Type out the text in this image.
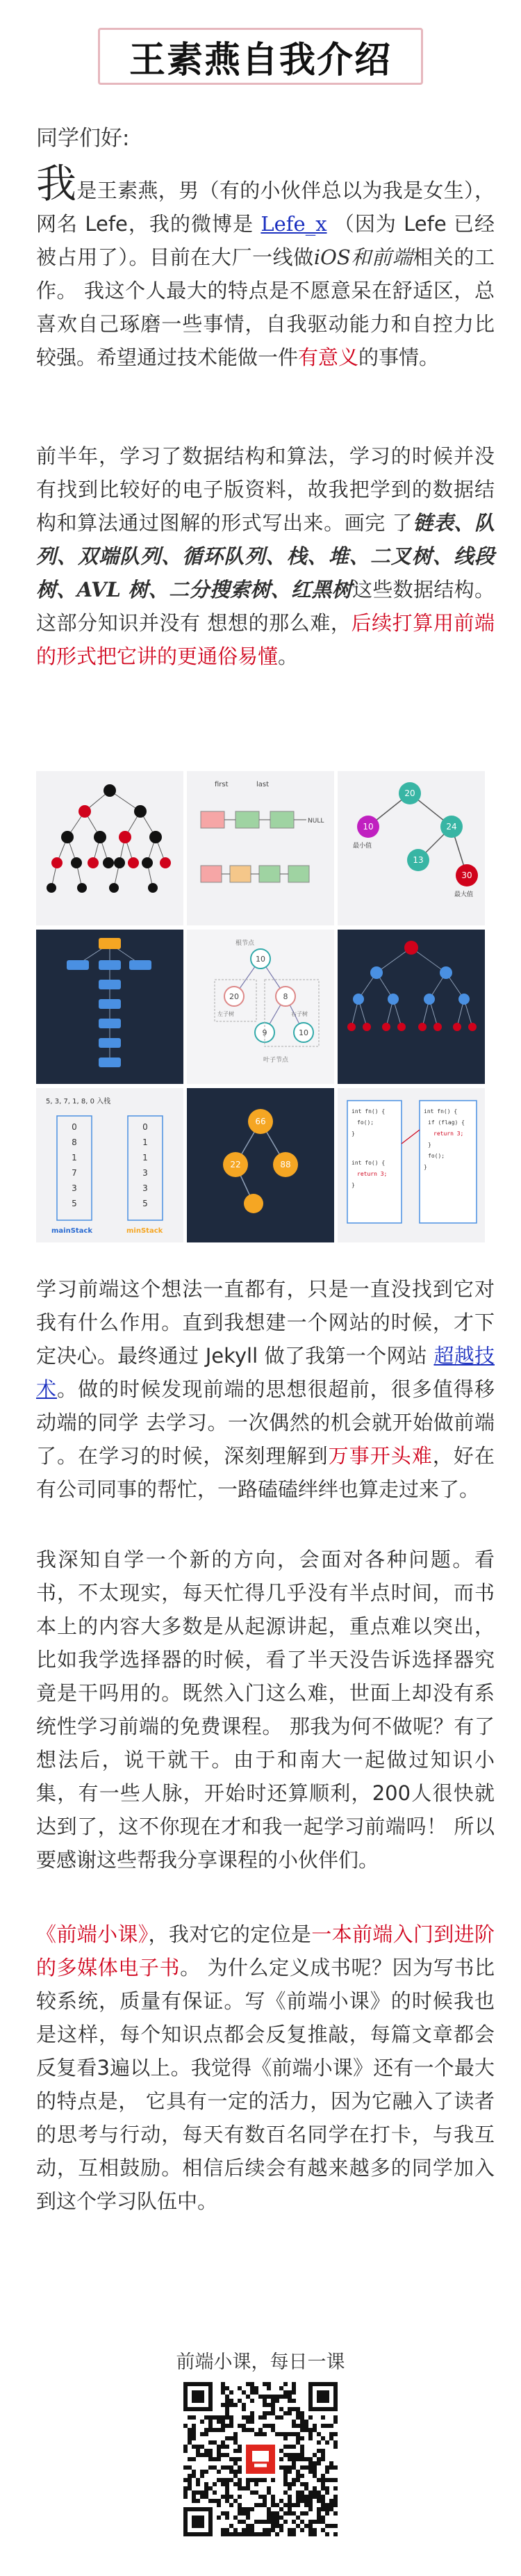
王素燕自我介绍
同学们好:

我是王素燕，男（有的小伙伴总以为我是女生），网名 Lefe，我的微博是 Lefe_x （因为 Lefe 已经被占用了）。目前在大厂一线做iOS和前端相关的工作。 我这个人最大的特点是不愿意呆在舒适区，总喜欢自己琢磨一些事情，自我驱动能力和自控力比较强。希望通过技术能做一件有意义的事情。

前半年，学习了数据结构和算法，学习的时候并没有找到比较好的电子版资料，故我把学到的数据结构和算法通过图解的形式写出来。画完 了链表、队列、双端队列、循环队列、栈、堆、二叉树、线段树、AVL 树、二分搜索树、红黑树这些数据结构。这部分知识并没有 想想的那么难，后续打算用前端的形式把它讲的更通俗易懂。

first	last
NULL
20
10	24
13
30
最小值
最大值
根节点
10
20	8
9	10
左子树	右子树
叶子节点
5, 3, 7, 1, 8, 0 入栈
0
8
1
7
3
5
0
1
1
3
3
5
mainStack	minStack
66
22	88
int fn() {
fo();
}
int fo() {
return 3;
}
int fn() {
if (flag) {
return 3;
}
fo();
}

学习前端这个想法一直都有，只是一直没找到它对我有什么作用。直到我想建一个网站的时候，才下定决心。最终通过 Jekyll 做了我第一个网站 超越技术。做的时候发现前端的思想很超前，很多值得移动端的同学 去学习。一次偶然的机会就开始做前端了。在学习的时候，深刻理解到万事开头难，好在有公司同事的帮忙，一路磕磕绊绊也算走过来了。

我深知自学一个新的方向，会面对各种问题。看书，不太现实，每天忙得几乎没有半点时间，而书本上的内容大多数是从起源讲起，重点难以突出，比如我学选择器的时候，看了半天没告诉选择器究竟是干吗用的。既然入门这么难，世面上却没有系统性学习前端的免费课程。 那我为何不做呢？有了想法后，说干就干。由于和南大一起做过知识小集，有一些人脉，开始时还算顺利，200人很快就达到了，这不你现在才和我一起学习前端吗！ 所以要感谢这些帮我分享课程的小伙伴们。

《前端小课》，我对它的定位是一本前端入门到进阶的多媒体电子书。 为什么定义成书呢？因为写书比较系统，质量有保证。写《前端小课》的时候我也是这样，每个知识点都会反复推敲，每篇文章都会反复看3遍以上。我觉得《前端小课》还有一个最大的特点是， 它具有一定的活力，因为它融入了读者的思考与行动，每天有数百名同学在打卡，与我互动，互相鼓励。相信后续会有越来越多的同学加入到这个学习队伍中。

前端小课，每日一课
